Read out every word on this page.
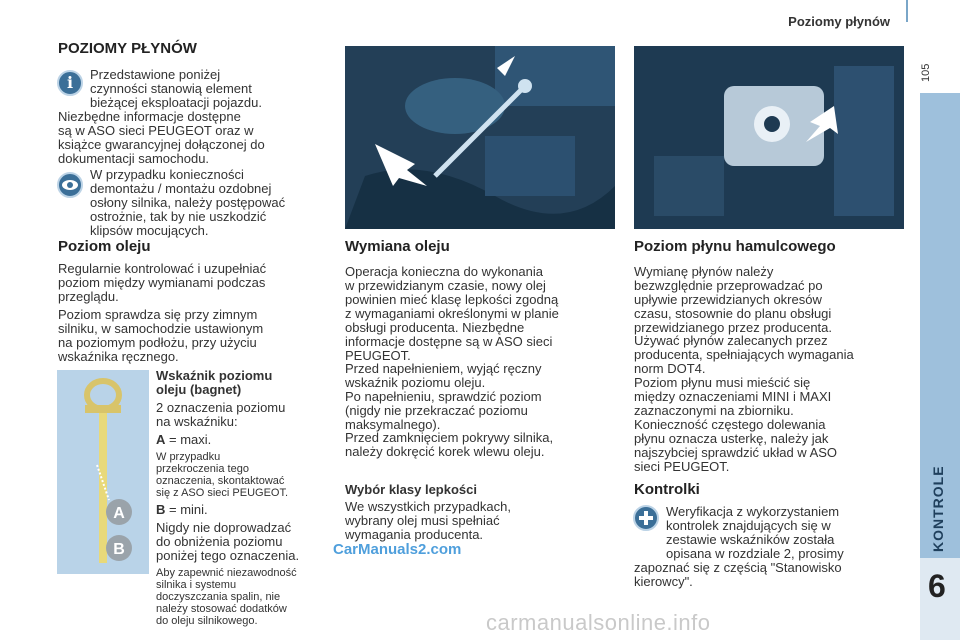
Poziomy płynów
105
KONTROLE
6
POZIOMY PŁYNÓW
i	Przedstawione poniżej
czynności stanowią element
bieżącej eksploatacji pojazdu.
Niezbędne informacje dostępne
są w ASO sieci PEUGEOT oraz w
książce gwarancyjnej dołączonej do
dokumentacji samochodu.
W przypadku konieczności
demontażu / montażu ozdobnej
osłony silnika, należy postępować
ostrożnie, tak by nie uszkodzić
klipsów mocujących.
Poziom oleju
Regularnie kontrolować i uzupełniać
poziom między wymianami podczas
przeglądu.
Poziom sprawdza się przy zimnym
silniku, w samochodzie ustawionym
na poziomym podłożu, przy użyciu
wskaźnika ręcznego.
A
B
Wskaźnik poziomu
oleju (bagnet)
2 oznaczenia poziomu
na wskaźniku:
A = maxi.
W przypadku
przekroczenia tego
oznaczenia, skontaktować
się z ASO sieci PEUGEOT.
B = mini.
Nigdy nie doprowadzać
do obniżenia poziomu
poniżej tego oznaczenia.
Aby zapewnić niezawodność
silnika i systemu
doczyszczania spalin, nie
należy stosować dodatków
do oleju silnikowego.
Wymiana oleju
Operacja konieczna do wykonania
w przewidzianym czasie, nowy olej
powinien mieć klasę lepkości zgodną
z wymaganiami określonymi w planie
obsługi producenta. Niezbędne
informacje dostępne są w ASO sieci
PEUGEOT.
Przed napełnieniem, wyjąć ręczny
wskaźnik poziomu oleju.
Po napełnieniu, sprawdzić poziom
(nigdy nie przekraczać poziomu
maksymalnego).
Przed zamknięciem pokrywy silnika,
należy dokręcić korek wlewu oleju.
Wybór klasy lepkości
We wszystkich przypadkach,
wybrany olej musi spełniać
wymagania producenta.
Poziom płynu hamulcowego
Wymianę płynów należy
bezwzględnie przeprowadzać po
upływie przewidzianych okresów
czasu, stosownie do planu obsługi
przewidzianego przez producenta.
Używać płynów zalecanych przez
producenta, spełniających wymagania
norm DOT4.
Poziom płynu musi mieścić się
między oznaczeniami MINI i MAXI
zaznaczonymi na zbiorniku.
Konieczność częstego dolewania
płynu oznacza usterkę, należy jak
najszybciej sprawdzić układ w ASO
sieci PEUGEOT.
Kontrolki
Weryfikacja z wykorzystaniem
kontrolek znajdujących się w
zestawie wskaźników została
opisana w rozdziale 2, prosimy
zapoznać się z częścią "Stanowisko
kierowcy".
CarManuals2.com
carmanualsonline.info
